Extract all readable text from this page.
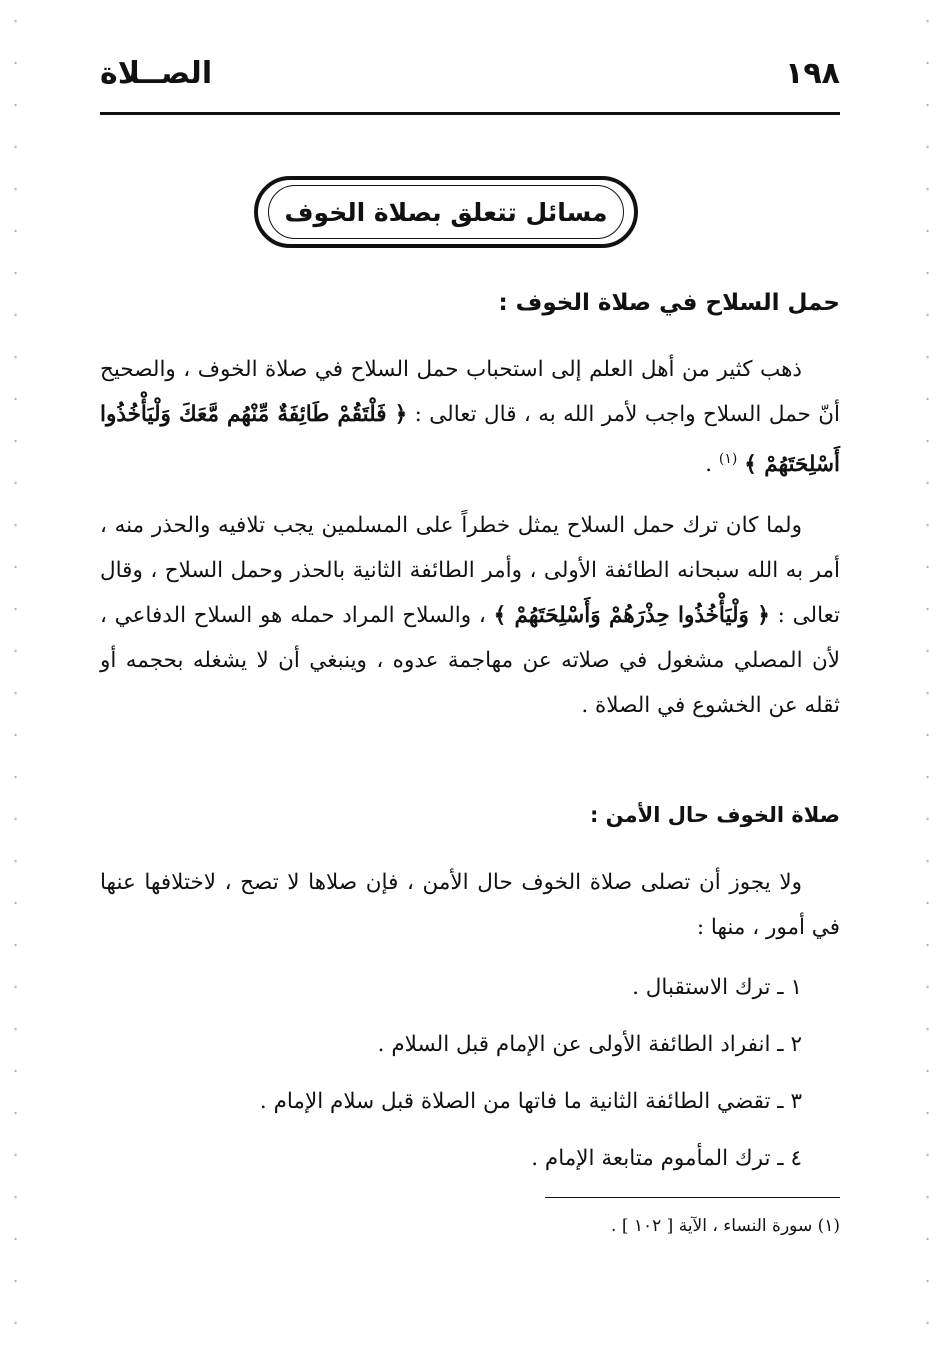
١٩٨
الصــلاة
مسائل تتعلق بصلاة الخوف

حمل السلاح في صلاة الخوف :

ذهب كثير من أهل العلم إلى استحباب حمل السلاح في صلاة الخوف ، والصحيح أنّ حمل السلاح واجب لأمر الله به ، قال تعالى : ﴿ فَلْتَقُمْ طَائِفَةٌ مِّنْهُم مَّعَكَ وَلْيَأْخُذُوا أَسْلِحَتَهُمْ ﴾ $^{(١)}$ .

ولما كان ترك حمل السلاح يمثل خطراً على المسلمين يجب تلافيه والحذر منه ، أمر به الله سبحانه الطائفة الأولى ، وأمر الطائفة الثانية بالحذر وحمل السلاح ، وقال تعالى : ﴿ وَلْيَأْخُذُوا حِذْرَهُمْ وَأَسْلِحَتَهُمْ ﴾ ، والسلاح المراد حمله هو السلاح الدفاعي ، لأن المصلي مشغول في صلاته عن مهاجمة عدوه ، وينبغي أن لا يشغله بحجمه أو ثقله عن الخشوع في الصلاة .

صلاة الخوف حال الأمن :

ولا يجوز أن تصلى صلاة الخوف حال الأمن ، فإن صلاها لا تصح ، لاختلافها عنها في أمور ، منها :

١ ـ ترك الاستقبال .

٢ ـ انفراد الطائفة الأولى عن الإمام قبل السلام .

٣ ـ تقضي الطائفة الثانية ما فاتها من الصلاة قبل سلام الإمام .

٤ ـ ترك المأموم متابعة الإمام .

(١) سورة النساء ، الآية [ ١٠٢ ] .
